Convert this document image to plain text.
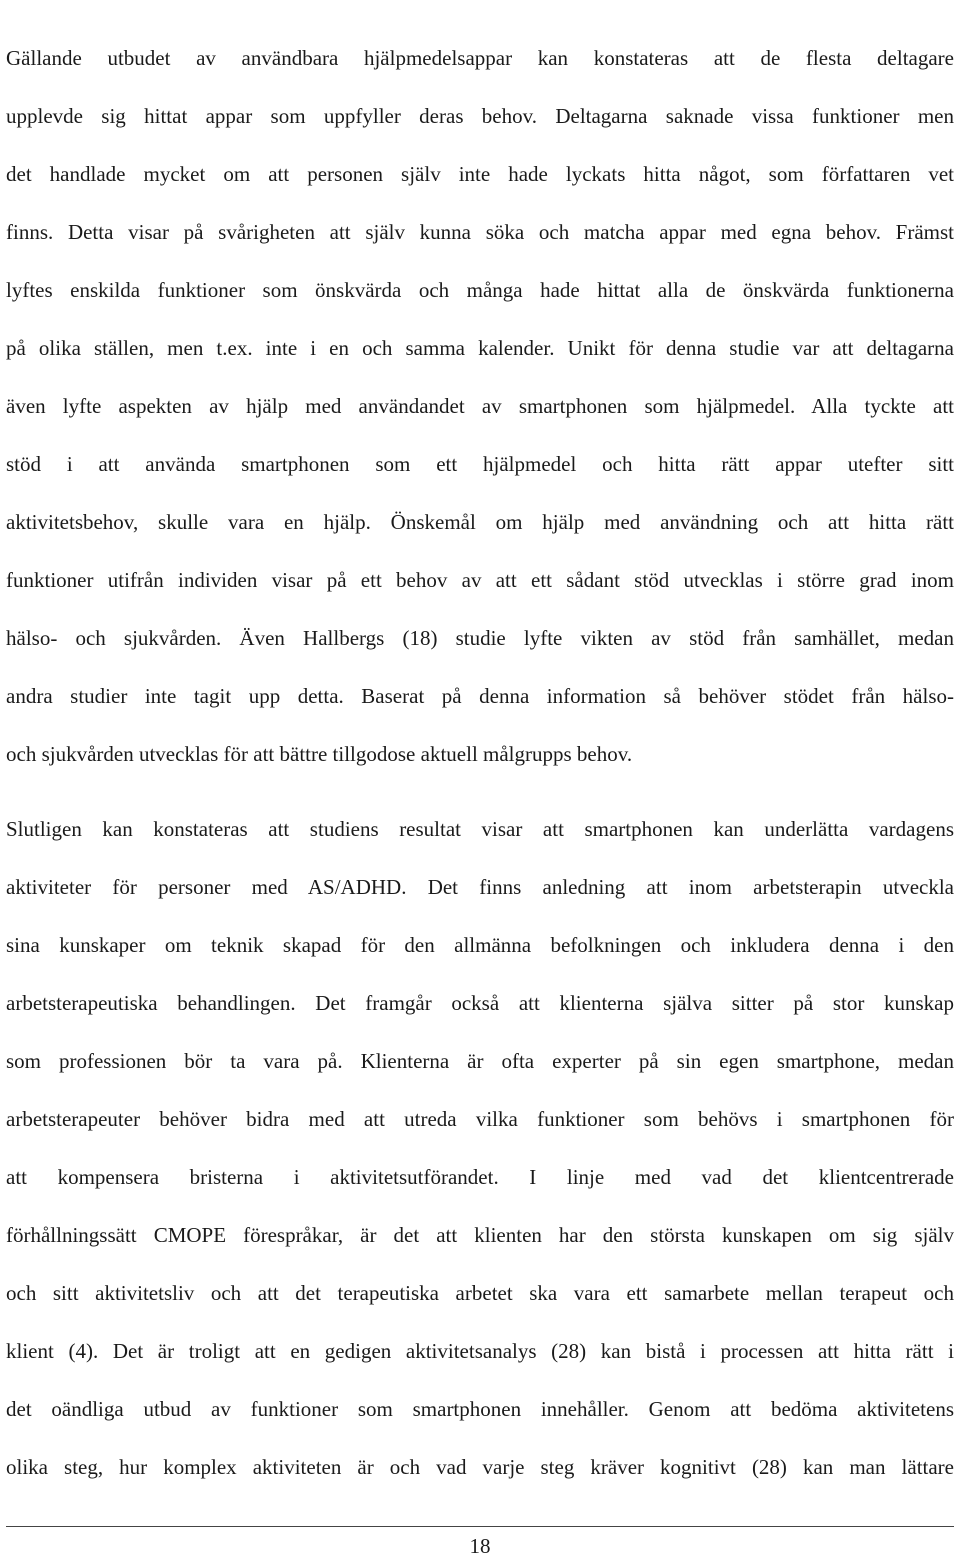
Gällande utbudet av användbara hjälpmedelsappar kan konstateras att de flesta deltagare
upplevde sig hittat appar som uppfyller deras behov. Deltagarna saknade vissa funktioner men
det handlade mycket om att personen själv inte hade lyckats hitta något, som författaren vet
finns. Detta visar på svårigheten att själv kunna söka och matcha appar med egna behov. Främst
lyftes enskilda funktioner som önskvärda och många hade hittat alla de önskvärda funktionerna
på olika ställen, men t.ex. inte i en och samma kalender. Unikt för denna studie var att deltagarna
även lyfte aspekten av hjälp med användandet av smartphonen som hjälpmedel. Alla tyckte att
stöd i att använda smartphonen som ett hjälpmedel och hitta rätt appar utefter sitt
aktivitetsbehov, skulle vara en hjälp. Önskemål om hjälp med användning och att hitta rätt
funktioner utifrån individen visar på ett behov av att ett sådant stöd utvecklas i större grad inom
hälso- och sjukvården. Även Hallbergs (18) studie lyfte vikten av stöd från samhället, medan
andra studier inte tagit upp detta. Baserat på denna information så behöver stödet från hälso-
och sjukvården utvecklas för att bättre tillgodose aktuell målgrupps behov.
Slutligen kan konstateras att studiens resultat visar att smartphonen kan underlätta vardagens
aktiviteter för personer med AS/ADHD. Det finns anledning att inom arbetsterapin utveckla
sina kunskaper om teknik skapad för den allmänna befolkningen och inkludera denna i den
arbetsterapeutiska behandlingen. Det framgår också att klienterna själva sitter på stor kunskap
som professionen bör ta vara på. Klienterna är ofta experter på sin egen smartphone, medan
arbetsterapeuter behöver bidra med att utreda vilka funktioner som behövs i smartphonen för
att kompensera bristerna i aktivitetsutförandet. I linje med vad det klientcentrerade
förhållningssätt CMOPE förespråkar, är det att klienten har den största kunskapen om sig själv
och sitt aktivitetsliv och att det terapeutiska arbetet ska vara ett samarbete mellan terapeut och
klient (4). Det är troligt att en gedigen aktivitetsanalys (28) kan bistå i processen att hitta rätt i
det oändliga utbud av funktioner som smartphonen innehåller. Genom att bedöma aktivitetens
olika steg, hur komplex aktiviteten är och vad varje steg kräver kognitivt (28) kan man lättare
18
